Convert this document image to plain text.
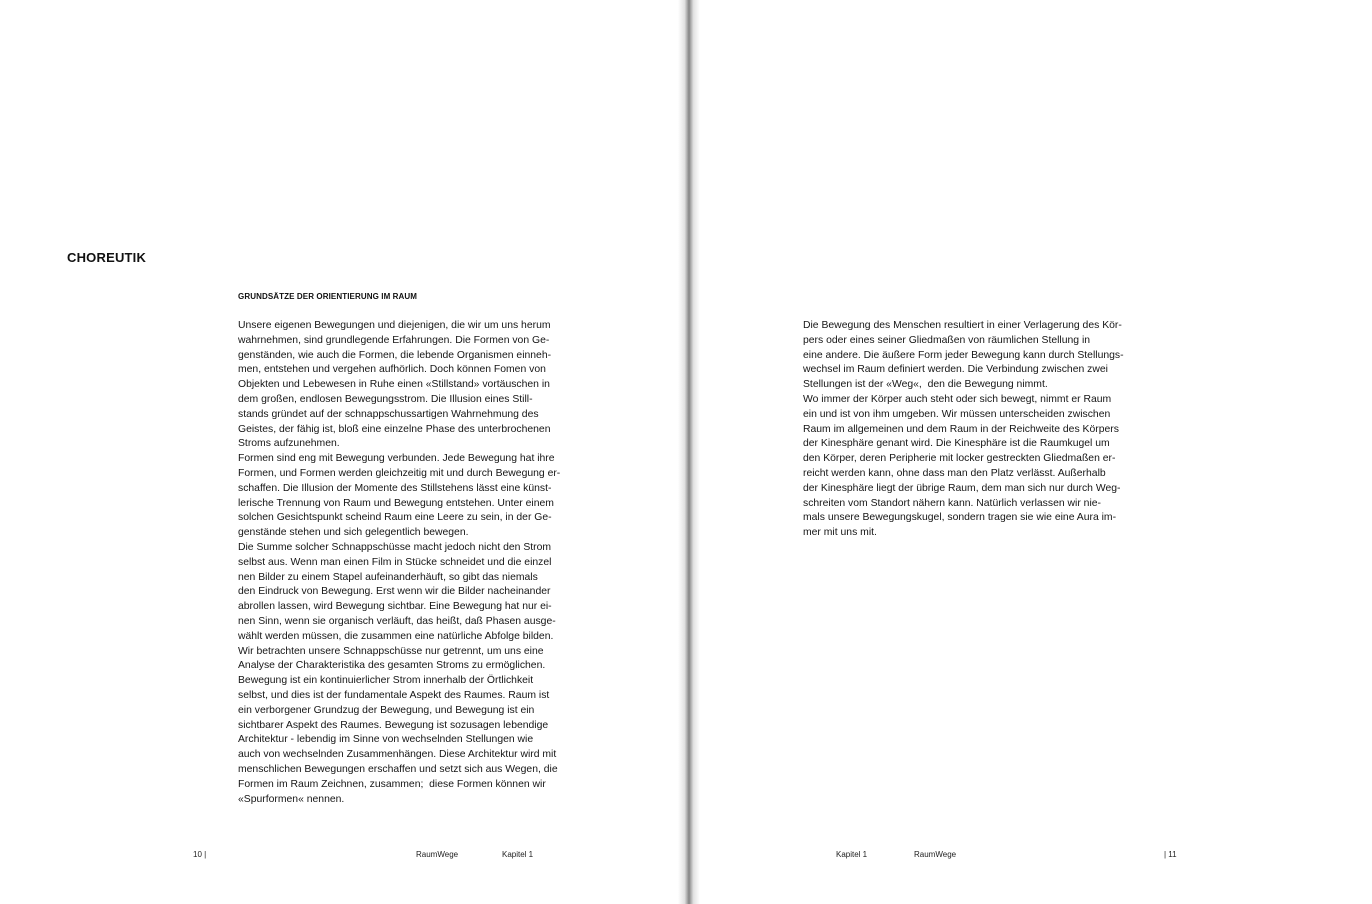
CHOREUTIK
GRUNDSÄTZE DER ORIENTIERUNG IM RAUM
Unsere eigenen Bewegungen und diejenigen, die wir um uns herum
wahrnehmen, sind grundlegende Erfahrungen. Die Formen von Ge-
genständen, wie auch die Formen, die lebende Organismen einneh-
men, entstehen und vergehen aufhörlich. Doch können Fomen von
Objekten und Lebewesen in Ruhe einen «Stillstand» vortäuschen in
dem großen, endlosen Bewegungsstrom. Die Illusion eines Still-
stands gründet auf der schnappschussartigen Wahrnehmung des
Geistes, der fähig ist, bloß eine einzelne Phase des unterbrochenen
Stroms aufzunehmen.
Formen sind eng mit Bewegung verbunden. Jede Bewegung hat ihre
Formen, und Formen werden gleichzeitig mit und durch Bewegung er-
schaffen. Die Illusion der Momente des Stillstehens lässt eine künst-
lerische Trennung von Raum und Bewegung entstehen. Unter einem
solchen Gesichtspunkt scheind Raum eine Leere zu sein, in der Ge-
genstände stehen und sich gelegentlich bewegen.
Die Summe solcher Schnappschüsse macht jedoch nicht den Strom
selbst aus. Wenn man einen Film in Stücke schneidet und die einzel
nen Bilder zu einem Stapel aufeinanderhäuft, so gibt das niemals
den Eindruck von Bewegung. Erst wenn wir die Bilder nacheinander
abrollen lassen, wird Bewegung sichtbar. Eine Bewegung hat nur ei-
nen Sinn, wenn sie organisch verläuft, das heißt, daß Phasen ausge-
wählt werden müssen, die zusammen eine natürliche Abfolge bilden.
Wir betrachten unsere Schnappschüsse nur getrennt, um uns eine
Analyse der Charakteristika des gesamten Stroms zu ermöglichen.
Bewegung ist ein kontinuierlicher Strom innerhalb der Örtlichkeit
selbst, und dies ist der fundamentale Aspekt des Raumes. Raum ist
ein verborgener Grundzug der Bewegung, und Bewegung ist ein
sichtbarer Aspekt des Raumes. Bewegung ist sozusagen lebendige
Architektur - lebendig im Sinne von wechselnden Stellungen wie
auch von wechselnden Zusammenhängen. Diese Architektur wird mit
menschlichen Bewegungen erschaffen und setzt sich aus Wegen, die
Formen im Raum Zeichnen, zusammen;  diese Formen können wir
«Spurformen« nennen.
10 |	RaumWege	Kapitel 1
Die Bewegung des Menschen resultiert in einer Verlagerung des Kör-
pers oder eines seiner Gliedmaßen von räumlichen Stellung in
eine andere. Die äußere Form jeder Bewegung kann durch Stellungs-
wechsel im Raum definiert werden. Die Verbindung zwischen zwei
Stellungen ist der «Weg«,  den die Bewegung nimmt.
Wo immer der Körper auch steht oder sich bewegt, nimmt er Raum
ein und ist von ihm umgeben. Wir müssen unterscheiden zwischen
Raum im allgemeinen und dem Raum in der Reichweite des Körpers
der Kinesphäre genant wird. Die Kinesphäre ist die Raumkugel um
den Körper, deren Peripherie mit locker gestreckten Gliedmaßen er-
reicht werden kann, ohne dass man den Platz verlässt. Außerhalb
der Kinesphäre liegt der übrige Raum, dem man sich nur durch Weg-
schreiten vom Standort nähern kann. Natürlich verlassen wir nie-
mals unsere Bewegungskugel, sondern tragen sie wie eine Aura im-
mer mit uns mit.
Kapitel 1	RaumWege	| 11
